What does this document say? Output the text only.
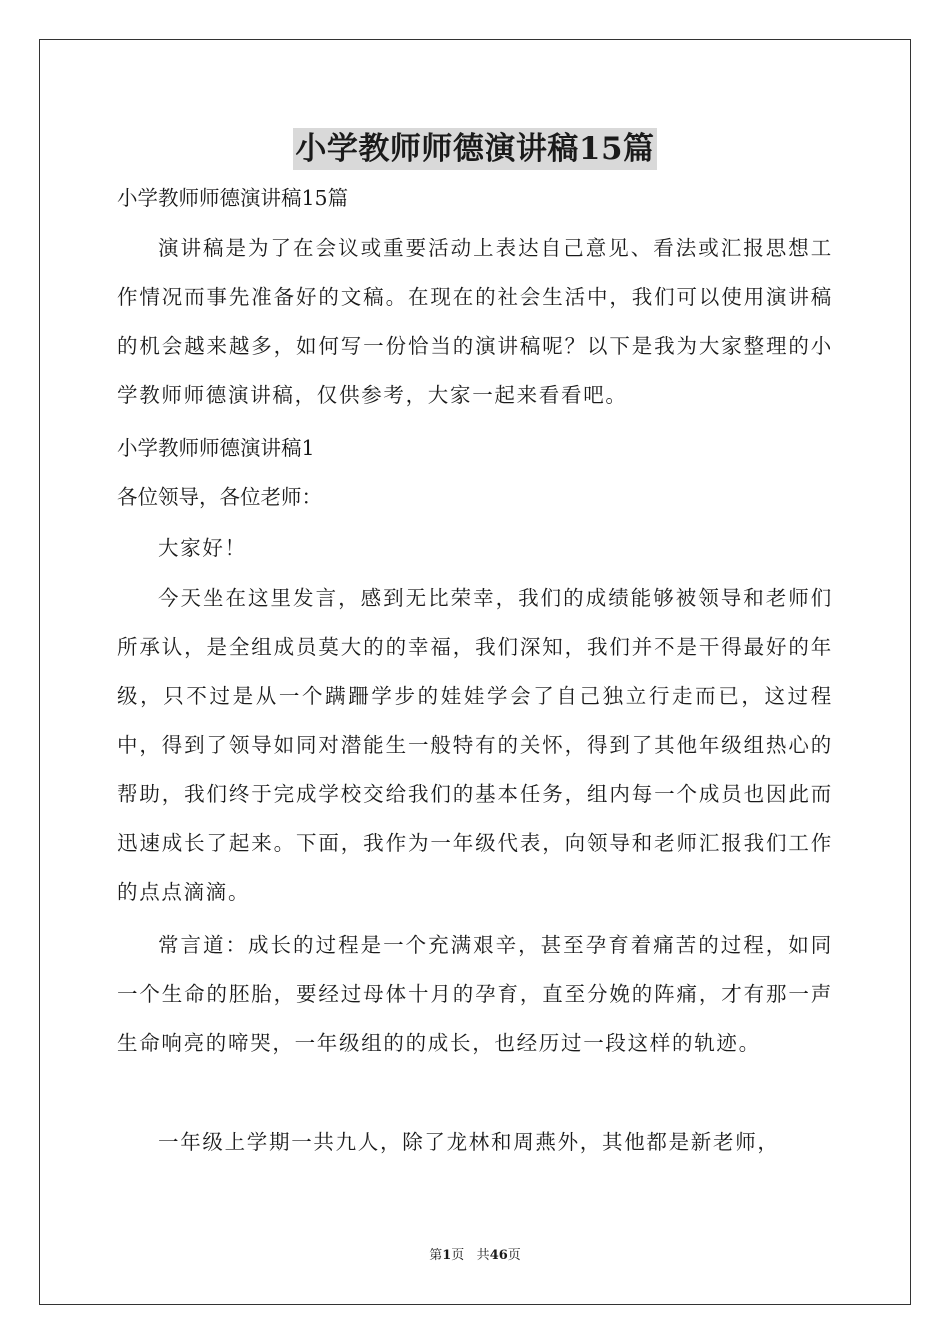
小学教师师德演讲稿15篇
小学教师师德演讲稿15篇
演讲稿是为了在会议或重要活动上表达自己意见、看法或汇报思想工作情况而事先准备好的文稿。在现在的社会生活中，我们可以使用演讲稿的机会越来越多，如何写一份恰当的演讲稿呢？以下是我为大家整理的小学教师师德演讲稿，仅供参考，大家一起来看看吧。
小学教师师德演讲稿1
各位领导，各位老师：
大家好！
今天坐在这里发言，感到无比荣幸，我们的成绩能够被领导和老师们所承认，是全组成员莫大的的幸福，我们深知，我们并不是干得最好的年级，只不过是从一个蹒跚学步的娃娃学会了自己独立行走而已，这过程中，得到了领导如同对潜能生一般特有的关怀，得到了其他年级组热心的帮助，我们终于完成学校交给我们的基本任务，组内每一个成员也因此而迅速成长了起来。下面，我作为一年级代表，向领导和老师汇报我们工作的点点滴滴。
常言道：成长的过程是一个充满艰辛，甚至孕育着痛苦的过程，如同一个生命的胚胎，要经过母体十月的孕育，直至分娩的阵痛，才有那一声生命响亮的啼哭，一年级组的的成长，也经历过一段这样的轨迹。
一年级上学期一共九人，除了龙林和周燕外，其他都是新老师，
第1页 共46页
